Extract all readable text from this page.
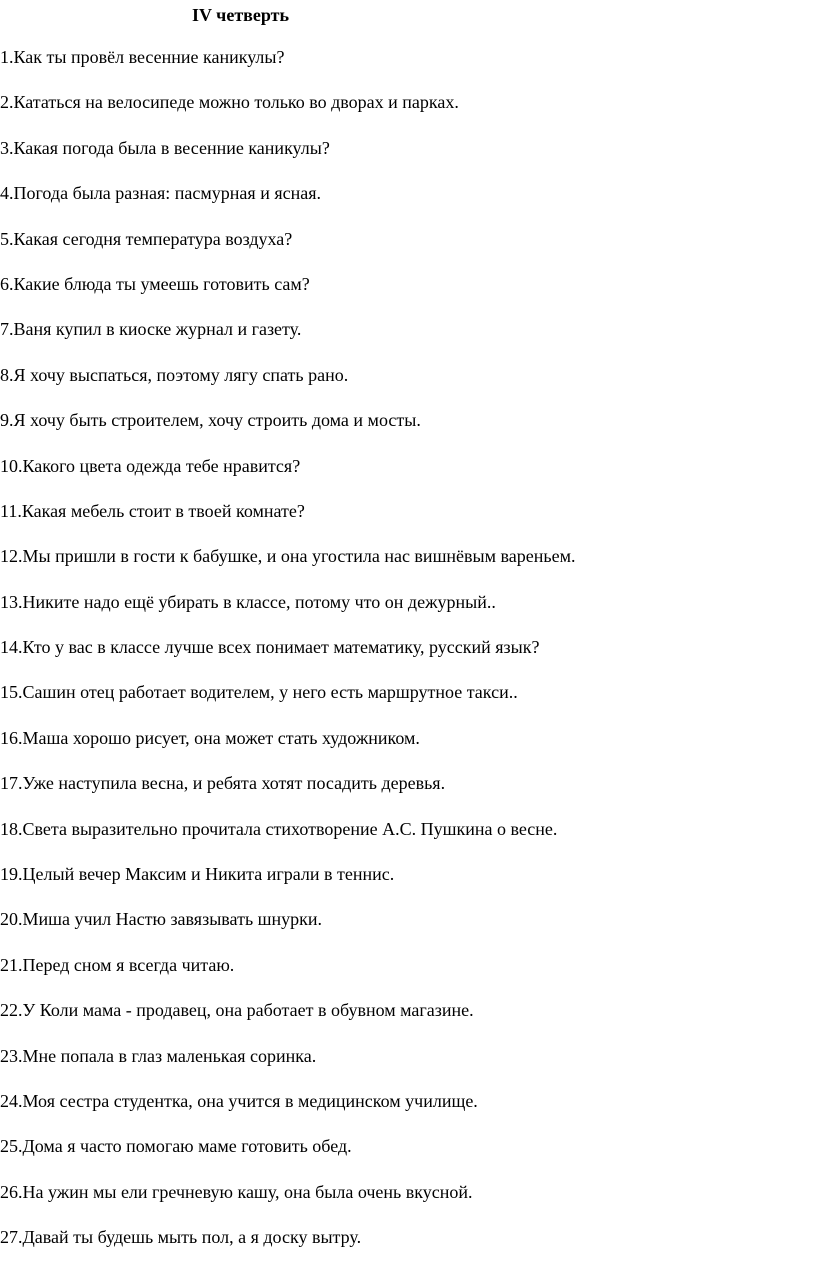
IV четверть
1.Как ты провёл весенние каникулы?
2.Кататься на велосипеде можно только во дворах и парках.
3.Какая погода была в весенние каникулы?
4.Погода была разная: пасмурная и ясная.
5.Какая сегодня температура воздуха?
6.Какие блюда ты умеешь готовить сам?
7.Ваня купил в киоске журнал и газету.
8.Я хочу выспаться, поэтому лягу спать рано.
9.Я хочу быть строителем, хочу строить дома и мосты.
10.Какого цвета одежда тебе нравится?
11.Какая мебель стоит в твоей комнате?
12.Мы пришли в гости к бабушке, и она угостила нас вишнёвым вареньем.
13.Никите надо ещё убирать в классе, потому что он дежурный..
14.Кто у вас в классе лучше всех понимает математику, русский язык?
15.Сашин отец работает водителем, у него есть маршрутное такси..
16.Маша хорошо рисует, она может стать художником.
17.Уже наступила весна, и ребята хотят посадить деревья.
18.Света выразительно прочитала стихотворение А.С. Пушкина о весне.
19.Целый вечер Максим и Никита играли в теннис.
20.Миша учил Настю завязывать шнурки.
21.Перед сном я всегда читаю.
22.У Коли мама - продавец, она работает в обувном магазине.
23.Мне попала в глаз маленькая соринка.
24.Моя сестра студентка, она учится в медицинском училище.
25.Дома я часто помогаю маме готовить обед.
26.На ужин мы ели гречневую кашу, она была очень вкусной.
27.Давай ты будешь мыть пол, а я доску вытру.
